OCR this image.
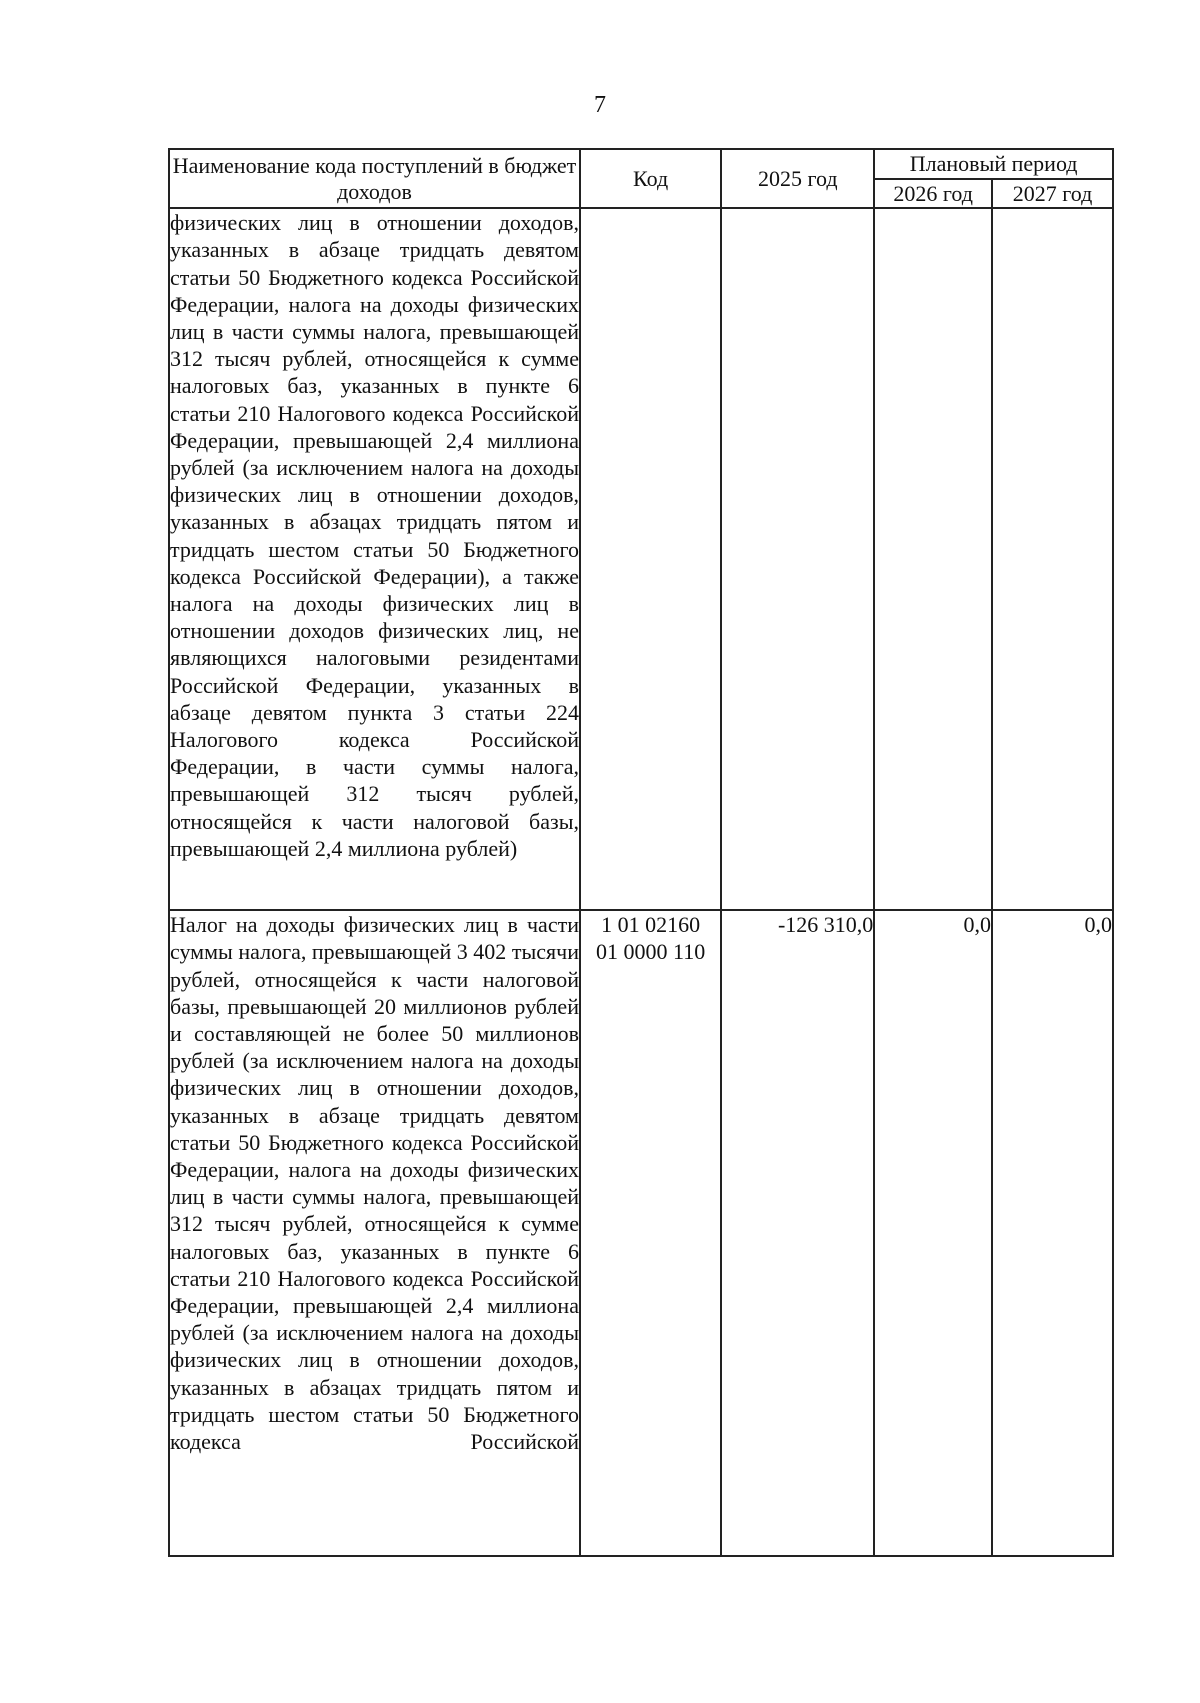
7
Наименование кода поступлений в бюджет доходов	Код	2025 год	Плановый период	
			2026 год	2027 год
физических лиц в отношении доходов, указанных в абзаце тридцать девятом статьи 50 Бюджетного кодекса Российской Федерации, налога на доходы физических лиц в части суммы налога, превышающей 312 тысяч рублей, относящейся к сумме налоговых баз, указанных в пункте 6 статьи 210 Налогового кодекса Российской Федерации, превышающей 2,4 миллиона рублей (за исключением налога на доходы физических лиц в отношении доходов, указанных в абзацах тридцать пятом и тридцать шестом статьи 50 Бюджетного кодекса Российской Федерации), а также налога на доходы физических лиц в отношении доходов физических лиц, не являющихся налоговыми резидентами Российской Федерации, указанных в абзаце девятом пункта 3 статьи 224 Налогового кодекса Российской Федерации, в части суммы налога, превышающей 312 тысяч рублей, относящейся к части налоговой базы, превышающей 2,4 миллиона рублей)	

Налог на доходы физических лиц в части суммы налога, превышающей 3 402 тысячи рублей, относящейся к части налоговой базы, превышающей 20 миллионов рублей и составляющей не более 50 миллионов рублей (за исключением налога на доходы физических лиц в отношении доходов, указанных в абзаце тридцать девятом статьи 50 Бюджетного кодекса Российской Федерации, налога на доходы физических лиц в части суммы налога, превышающей 312 тысяч рублей, относящейся к сумме налоговых баз, указанных в пункте 6 статьи 210 Налогового кодекса Российской Федерации, превышающей 2,4 миллиона рублей (за исключением налога на доходы физических лиц в отношении доходов, указанных в абзацах тридцать пятом и тридцать шестом статьи 50 Бюджетного кодекса Российской	1 01 02160
01 0000 110	-126 310,0	0,0	0,0
